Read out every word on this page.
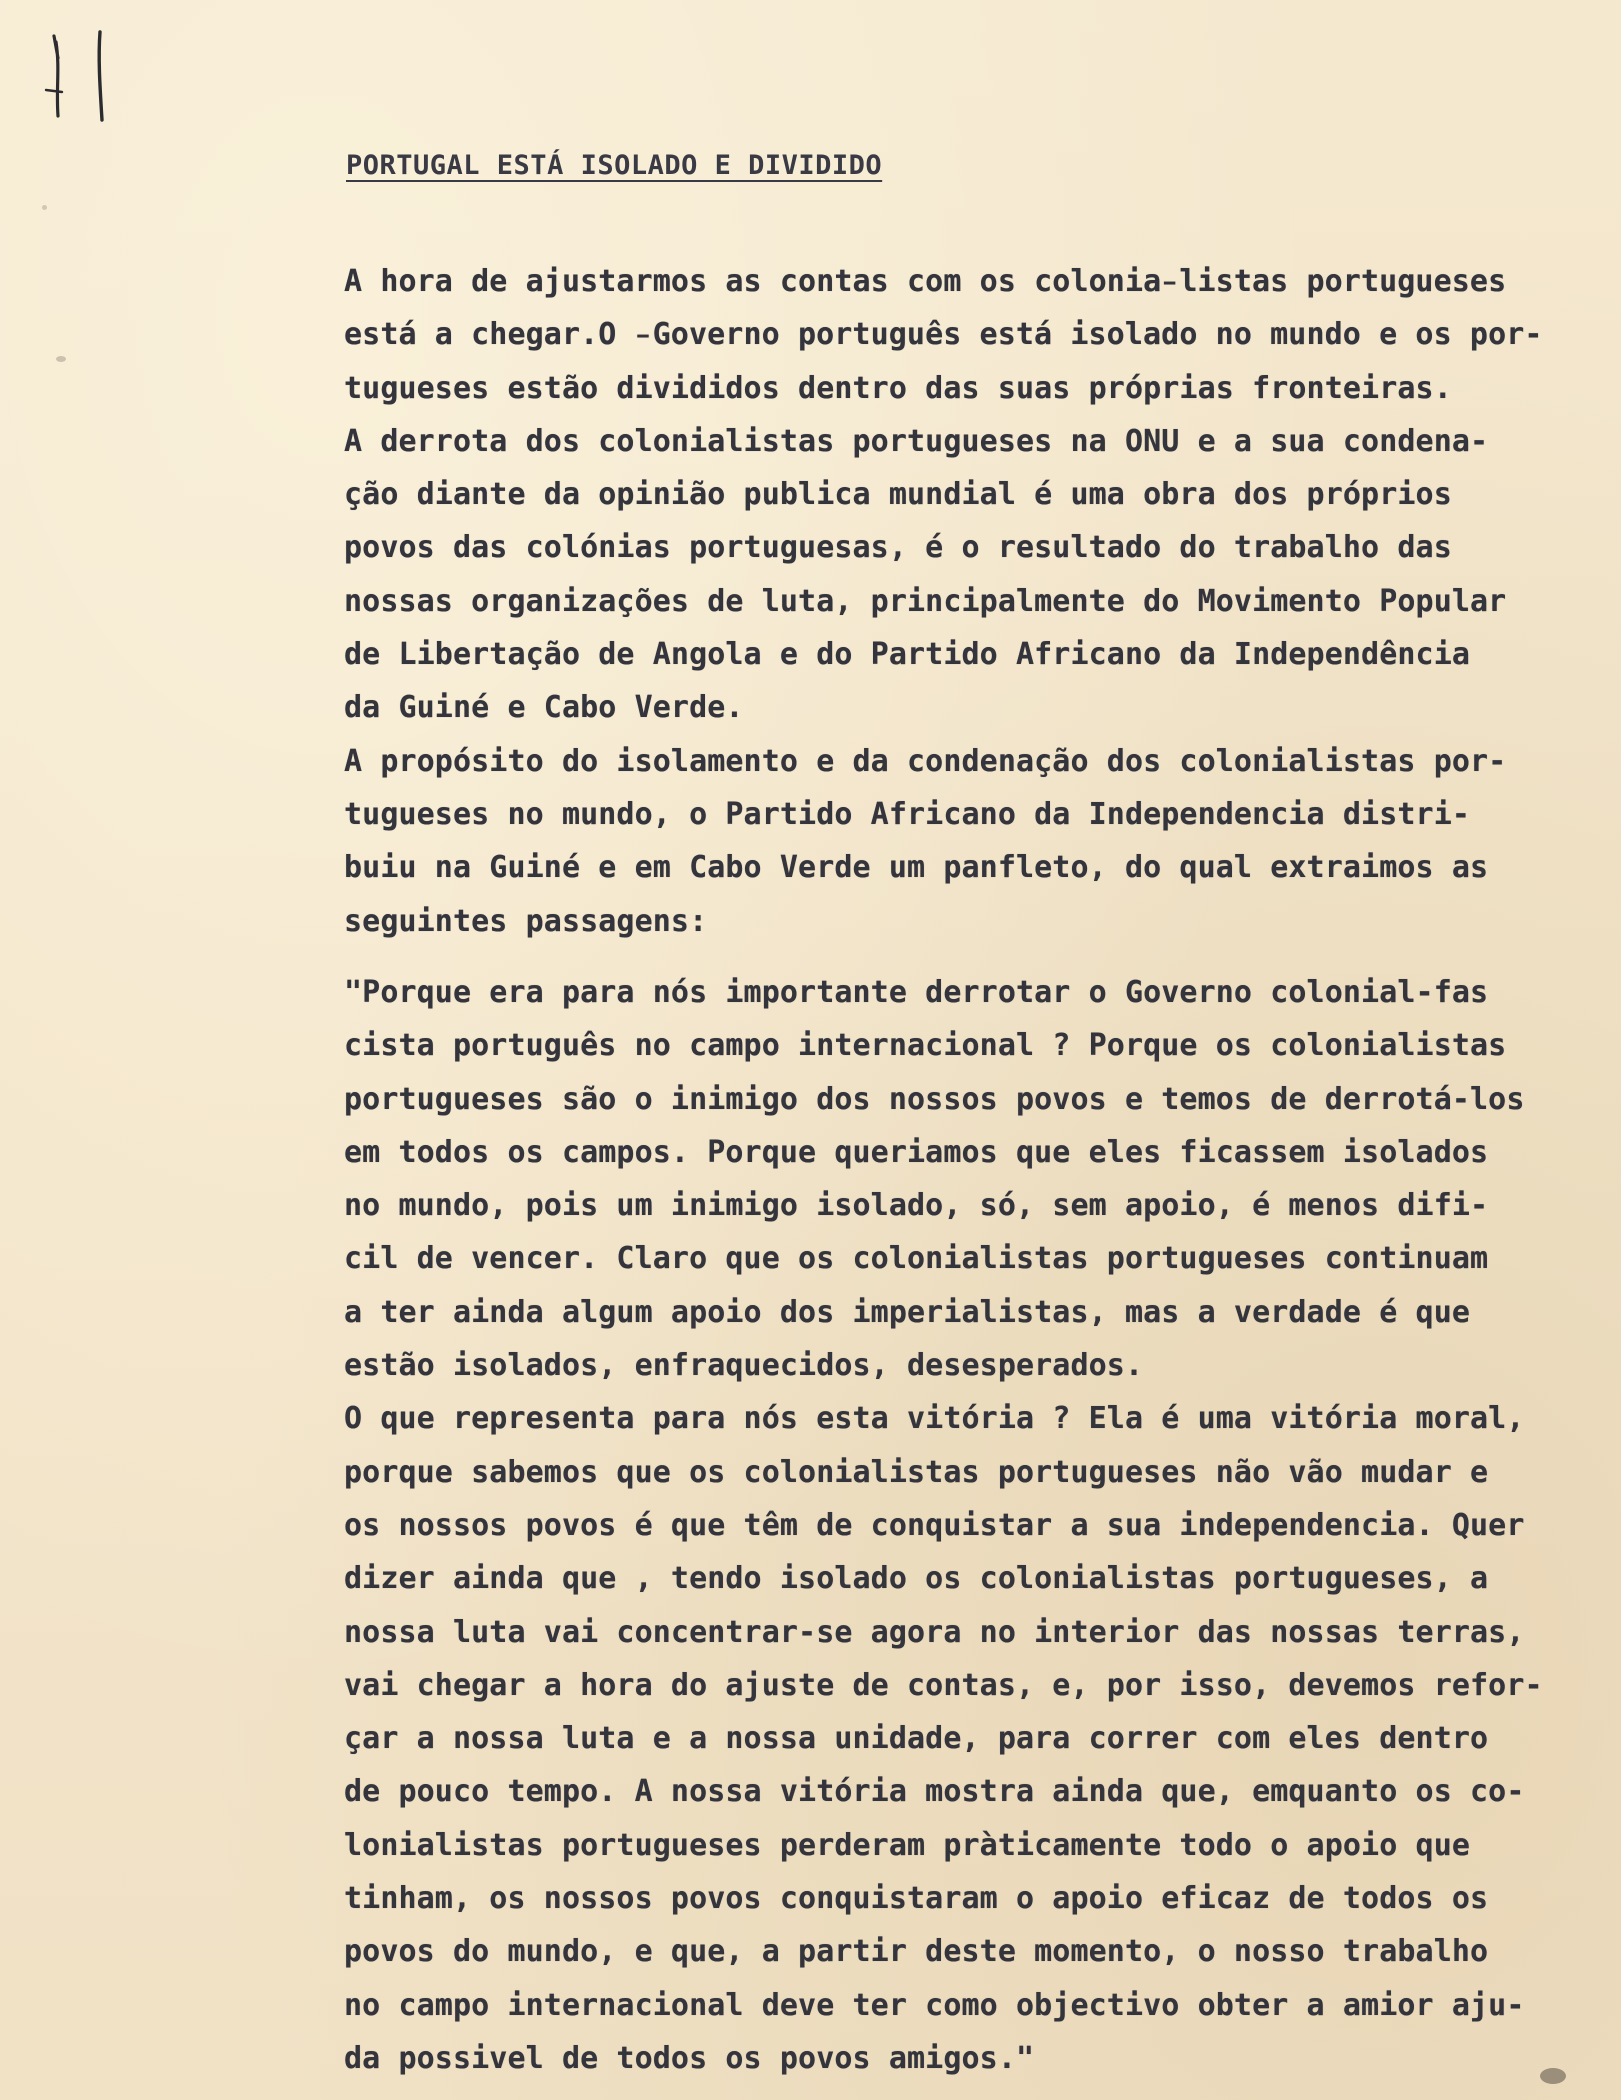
PORTUGAL ESTÁ ISOLADO E DIVIDIDO
A hora de ajustarmos as contas com os colonia̵listas portugueses
está a chegar.O ̵Governo português está isolado no mundo e os por-
tugueses estão divididos dentro das suas próprias fronteiras.
A derrota dos colonialistas portugueses na ONU e a sua condena-
ção diante da opinião publica mundial é uma obra dos próprios
povos das colónias portuguesas, é o resultado do trabalho das
nossas organizações de luta, principalmente do Movimento Popular
de Libertação de Angola e do Partido Africano da Independência
da Guiné e Cabo Verde.
A propósito do isolamento e da condenação dos colonialistas por-
tugueses no mundo, o Partido Africano da Independencia distri-
buiu na Guiné e em Cabo Verde um panfleto, do qual extraimos as
seguintes passagens:
"Porque era para nós importante derrotar o Governo colonial-fas
cista português no campo internacional ? Porque os colonialistas
portugueses são o inimigo dos nossos povos e temos de derrotá-los
em todos os campos. Porque queriamos que eles ficassem isolados
no mundo, pois um inimigo isolado, só, sem apoio, é menos difi-
cil de vencer. Claro que os colonialistas portugueses continuam
a ter ainda algum apoio dos imperialistas, mas a verdade é que
estão isolados, enfraquecidos, desesperados.
O que representa para nós esta vitória ? Ela é uma vitória moral,
porque sabemos que os colonialistas portugueses não vão mudar e
os nossos povos é que têm de conquistar a sua independencia. Quer
dizer ainda que , tendo isolado os colonialistas portugueses, a
nossa luta vai concentrar-se agora no interior das nossas terras,
vai chegar a hora do ajuste de contas, e, por isso, devemos refor-
çar a nossa luta e a nossa unidade, para correr com eles dentro
de pouco tempo. A nossa vitória mostra ainda que, emquanto os co-
lonialistas portugueses perderam pràticamente todo o apoio que
tinham, os nossos povos conquistaram o apoio eficaz de todos os
povos do mundo, e que, a partir deste momento, o nosso trabalho
no campo internacional deve ter como objectivo obter a amior aju-
da possivel de todos os povos amigos."
